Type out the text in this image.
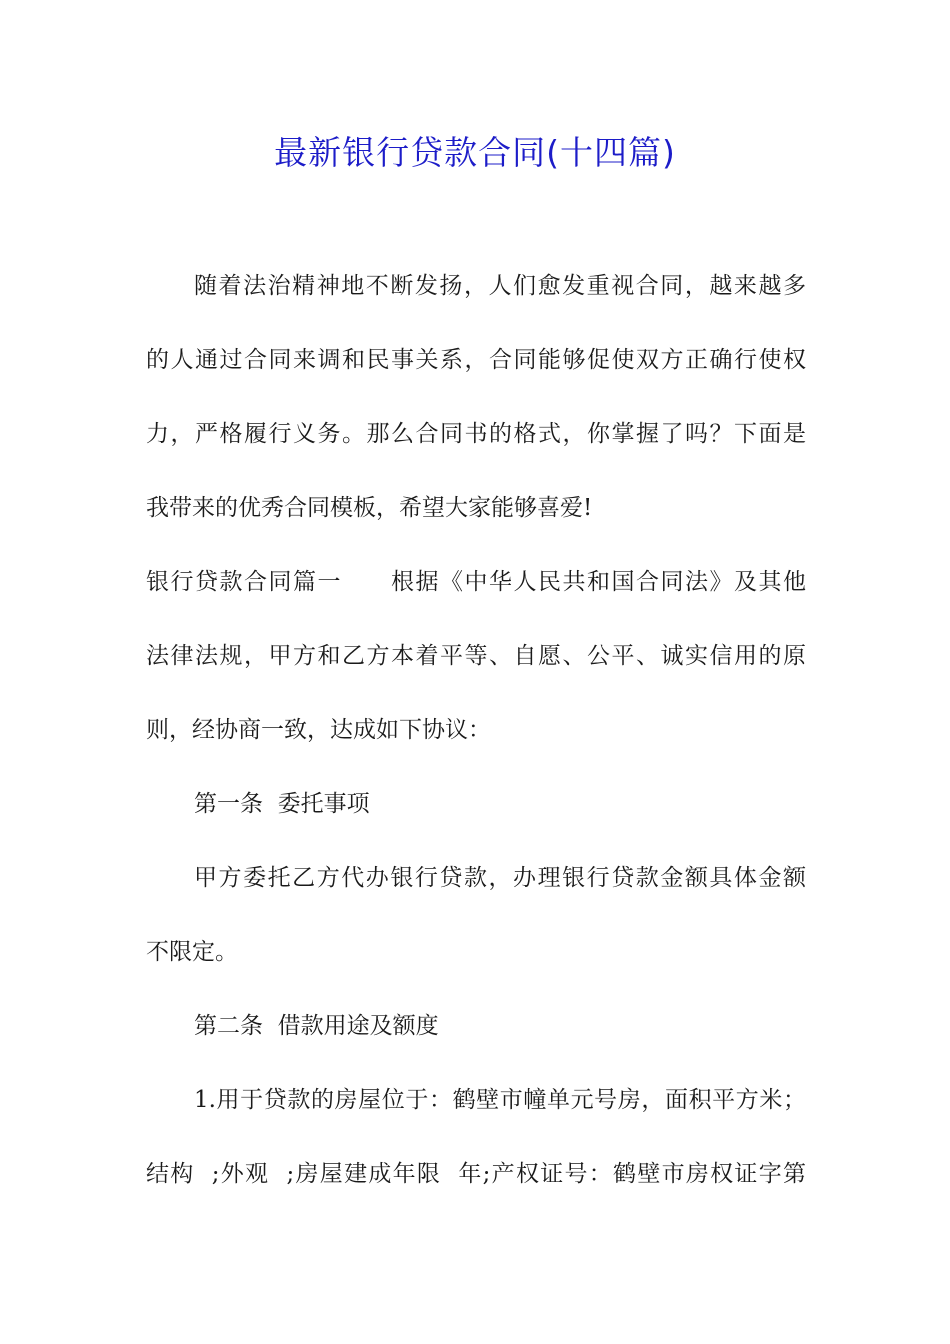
最新银行贷款合同(十四篇)

随着法治精神地不断发扬，人们愈发重视合同，越来越多

的人通过合同来调和民事关系，合同能够促使双方正确行使权

力，严格履行义务。那么合同书的格式，你掌握了吗？下面是

我带来的优秀合同模板，希望大家能够喜爱!

银行贷款合同篇一　　根据《中华人民共和国合同法》及其他

法律法规，甲方和乙方本着平等、自愿、公平、诚实信用的原

则，经协商一致，达成如下协议：

第一条  委托事项

甲方委托乙方代办银行贷款，办理银行贷款金额具体金额

不限定。

第二条  借款用途及额度

1.用于贷款的房屋位于：鹤壁市幢单元号房，面积平方米；

结构  ;外观  ;房屋建成年限  年;产权证号：鹤壁市房权证字第
